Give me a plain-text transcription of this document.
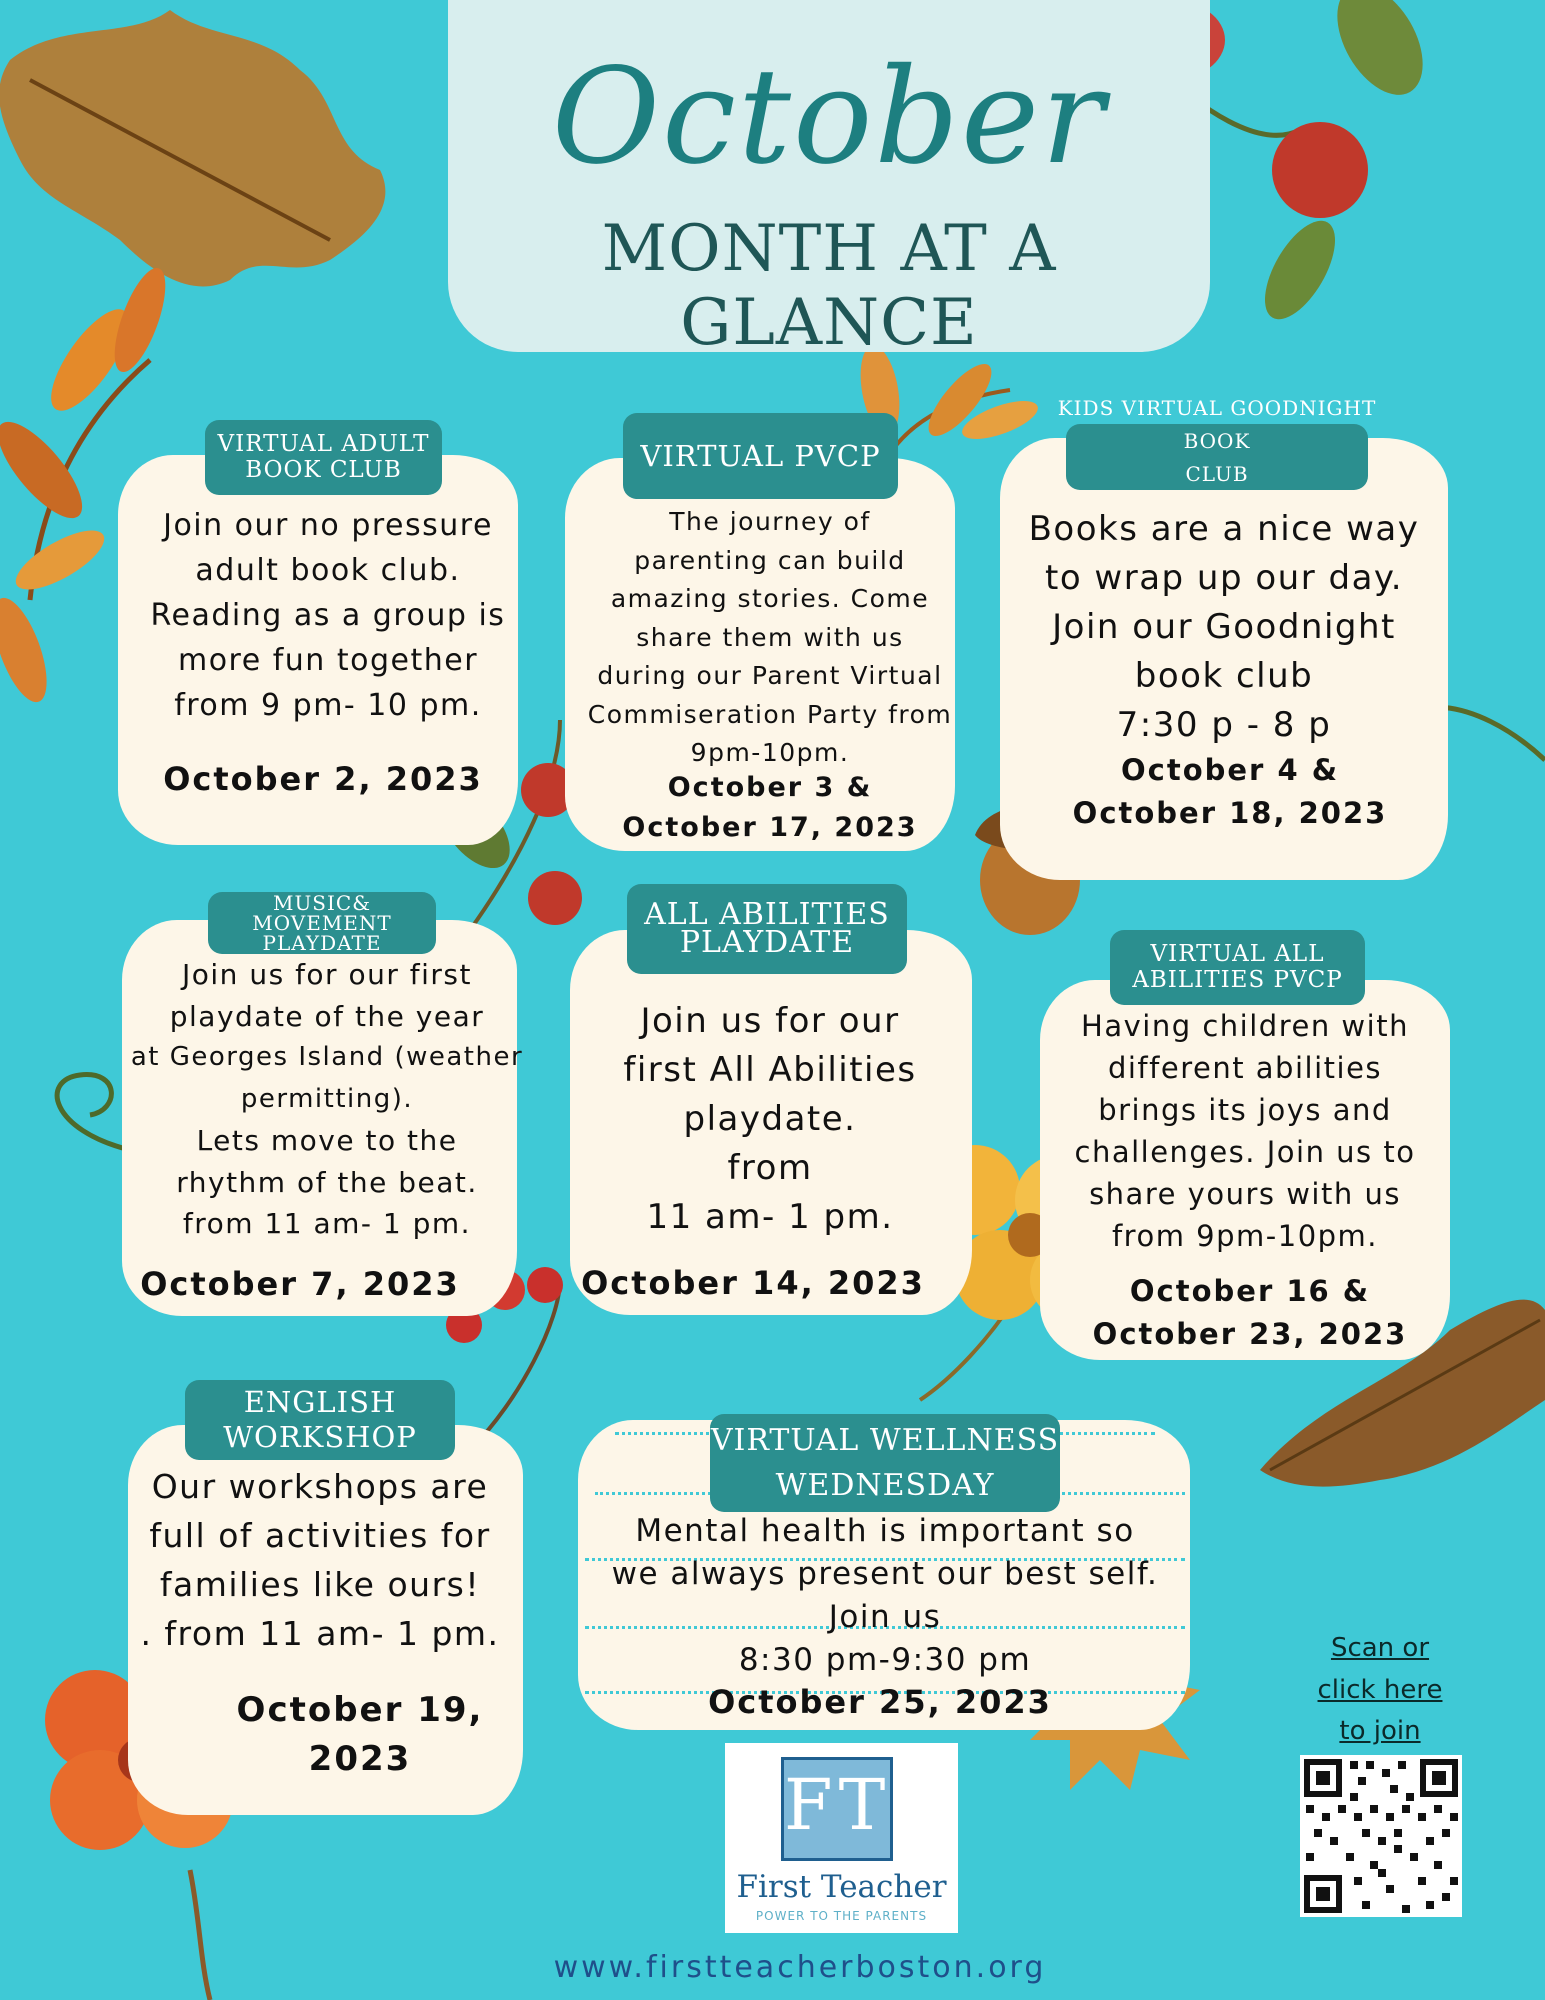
October
MONTH AT A GLANCE
VIRTUAL ADULT
BOOK CLUB
Join our no pressure
adult book club.
Reading as a group is
more fun together
from 9 pm- 10 pm.
October 2, 2023
VIRTUAL PVCP
The journey of
parenting can build
amazing stories. Come
share them with us
during our Parent Virtual
Commiseration Party from
9pm-10pm.
October 3 &
October 17, 2023
KIDS VIRTUAL GOODNIGHT
BOOK
CLUB
Books are a nice way
to wrap up our day.
Join our Goodnight
book club
7:30 p - 8 p
October 4 &
October 18, 2023
MUSIC&
MOVEMENT
PLAYDATE
Join us for our first
playdate of the year
at Georges Island (weather
permitting).
Lets move to the
rhythm of the beat.
from 11 am- 1 pm.
October 7, 2023
ALL ABILITIES
PLAYDATE
Join us for our
first All Abilities
playdate.
from
11 am- 1 pm.
October 14, 2023
VIRTUAL ALL
ABILITIES PVCP
Having children with
different abilities
brings its joys and
challenges. Join us to
share yours with us
from 9pm-10pm.
October 16 &
October 23, 2023
ENGLISH
WORKSHOP
Our workshops are
full of activities for
families like ours!
. from 11 am- 1 pm.
October 19,
2023
VIRTUAL WELLNESS
WEDNESDAY
Mental health is important so
we always present our best self.
Join us
8:30 pm-9:30 pm
October 25, 2023
FT
First Teacher
POWER TO THE PARENTS
Scan or
click here
to join
www.firstteacherboston.org
